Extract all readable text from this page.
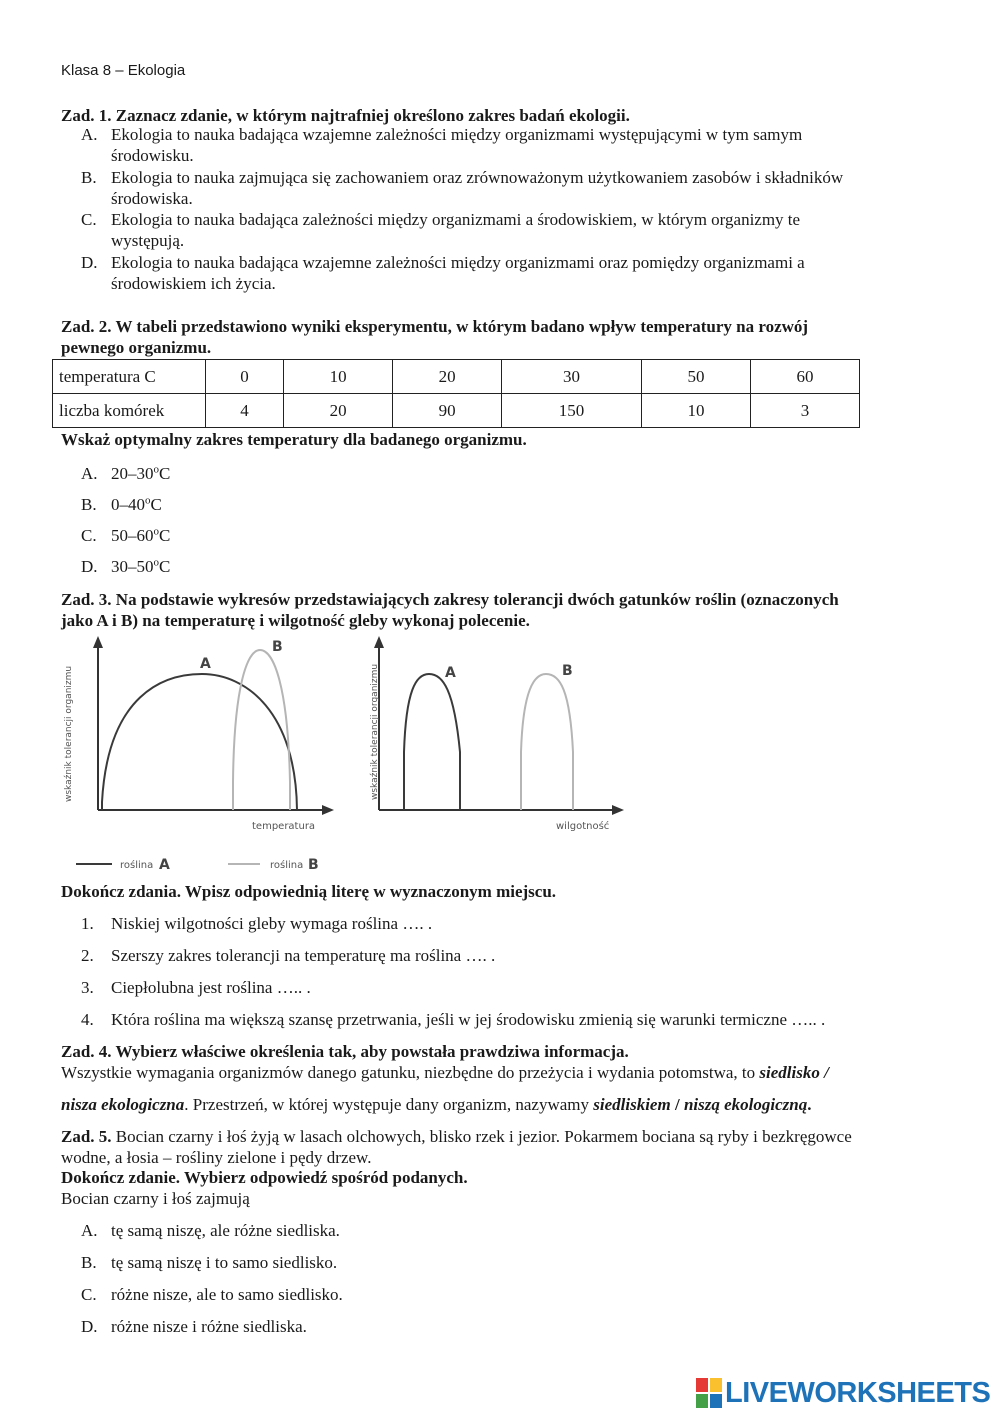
Klasa 8 – Ekologia
Zad. 1. Zaznacz zdanie, w którym najtrafniej określono zakres badań ekologii.
A. Ekologia to nauka badająca wzajemne zależności między organizmami występującymi w tym samym
środowisku.
B. Ekologia to nauka zajmująca się zachowaniem oraz zrównoważonym użytkowaniem zasobów i składników
środowiska.
C. Ekologia to nauka badająca zależności między organizmami a środowiskiem, w którym organizmy te
występują.
D. Ekologia to nauka badająca wzajemne zależności między organizmami oraz pomiędzy organizmami a
środowiskiem ich życia.
Zad. 2. W tabeli przedstawiono wyniki eksperymentu, w którym badano wpływ temperatury na rozwój
pewnego organizmu.
temperatura C	0	10	20	30	50	60
liczba komórek	4	20	90	150	10	3
Wskaż optymalny zakres temperatury dla badanego organizmu.
A. 20–30$^o$C
B. 0–40$^o$C
C. 50–60$^o$C
D. 30–50$^o$C
Zad. 3. Na podstawie wykresów przedstawiających zakresy tolerancji dwóch gatunków roślin (oznaczonych
jako A i B) na temperaturę i wilgotność gleby wykonaj polecenie.
A
B
temperatura
wskaźnik tolerancji organizmu	A	B
wilgotność
wskaźnik tolerancji organizmu
roślina A	roślina B
Dokończ zdania. Wpisz odpowiednią literę w wyznaczonym miejscu.
1. Niskiej wilgotności gleby wymaga roślina …. .
2. Szerszy zakres tolerancji na temperaturę ma roślina …. .
3. Ciepłolubna jest roślina ….. .
4. Która roślina ma większą szansę przetrwania, jeśli w jej środowisku zmienią się warunki termiczne ….. .
Zad. 4. Wybierz właściwe określenia tak, aby powstała prawdziwa informacja.
Wszystkie wymagania organizmów danego gatunku, niezbędne do przeżycia i wydania potomstwa, to siedlisko /
nisza ekologiczna. Przestrzeń, w której występuje dany organizm, nazywamy siedliskiem / niszą ekologiczną.
Zad. 5. Bocian czarny i łoś żyją w lasach olchowych, blisko rzek i jezior. Pokarmem bociana są ryby i bezkręgowce
wodne, a łosia – rośliny zielone i pędy drzew.
Dokończ zdanie. Wybierz odpowiedź spośród podanych.
Bocian czarny i łoś zajmują
A. tę samą niszę, ale różne siedliska.
B. tę samą niszę i to samo siedlisko.
C. różne nisze, ale to samo siedlisko.
D. różne nisze i różne siedliska.
LIVEWORKSHEETS
